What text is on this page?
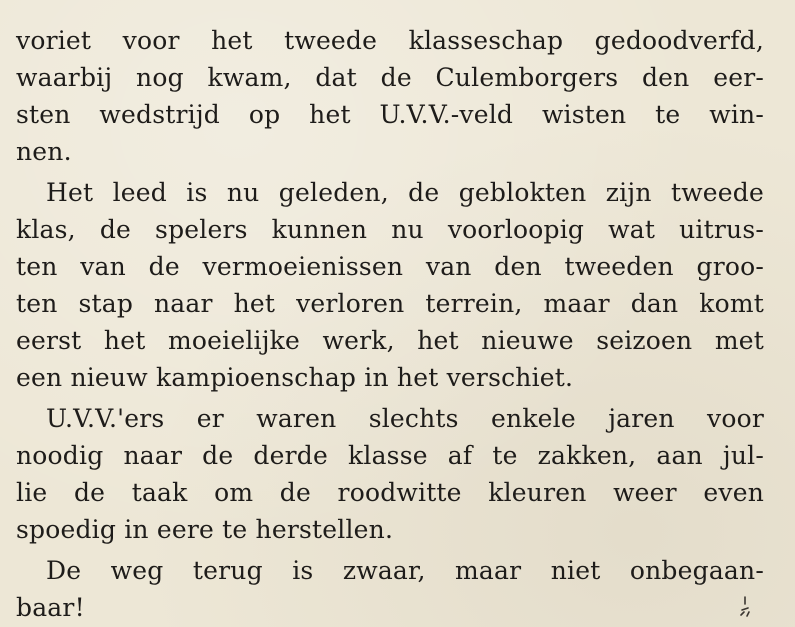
voriet voor het tweede klasseschap gedoodverfd,
waarbij nog kwam, dat de Culemborgers den eer-
sten wedstrijd op het U.V.V.-veld wisten te win-
nen.
Het leed is nu geleden, de geblokten zijn tweede
klas, de spelers kunnen nu voorloopig wat uitrus-
ten van de vermoeienissen van den tweeden groo-
ten stap naar het verloren terrein, maar dan komt
eerst het moeielijke werk, het nieuwe seizoen met
een nieuw kampioenschap in het verschiet.
U.V.V.'ers er waren slechts enkele jaren voor
noodig naar de derde klasse af te zakken, aan jul-
lie de taak om de roodwitte kleuren weer even
spoedig in eere te herstellen.
De weg terug is zwaar, maar niet onbegaan-
baar!
